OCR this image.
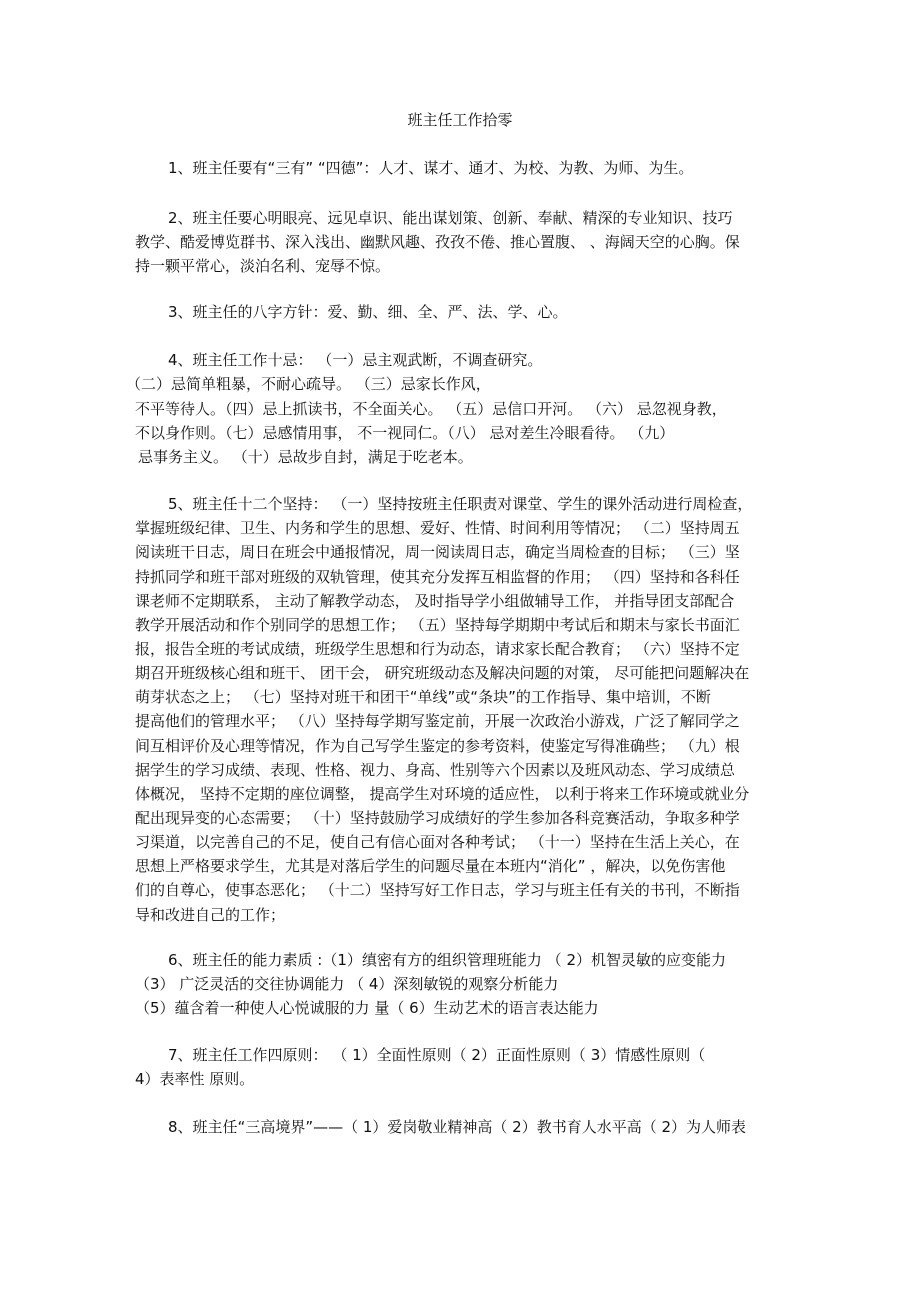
班主任工作拾零
1、班主任要有“三有” “四德”：人才、谋才、通才、为校、为教、为师、为生。
2、班主任要心明眼亮、远见卓识、能出谋划策、创新、奉献、精深的专业知识、技巧
教学、酷爱博览群书、深入浅出、幽默风趣、孜孜不倦、推心置腹、 、海阔天空的心胸。保
持一颗平常心，淡泊名利、宠辱不惊。
3、班主任的八字方针：爱、勤、细、全、严、法、学、心。
4、班主任工作十忌： （一）忌主观武断，不调查研究。
（二）忌简单粗暴，不耐心疏导。 （三）忌家长作风，
不平等待人。（四）忌上抓读书，不全面关心。 （五）忌信口开河。 （六） 忌忽视身教，
不以身作则。（七）忌感情用事， 不一视同仁。（八） 忌对差生冷眼看待。 （九）
忌事务主义。 （十）忌故步自封，满足于吃老本。
5、班主任十二个坚持： （一）坚持按班主任职责对课堂、学生的课外活动进行周检查，
掌握班级纪律、卫生、内务和学生的思想、爱好、性情、时间利用等情况； （二）坚持周五
阅读班干日志，周日在班会中通报情况，周一阅读周日志，确定当周检查的目标； （三）坚
持抓同学和班干部对班级的双轨管理，使其充分发挥互相监督的作用； （四）坚持和各科任
课老师不定期联系， 主动了解教学动态， 及时指导学小组做辅导工作， 并指导团支部配合
教学开展活动和作个别同学的思想工作； （五）坚持每学期期中考试后和期末与家长书面汇
报，报告全班的考试成绩，班级学生思想和行为动态，请求家长配合教育； （六）坚持不定
期召开班级核心组和班干、 团干会， 研究班级动态及解决问题的对策， 尽可能把问题解决在
萌芽状态之上； （七）坚持对班干和团干“单线”或“条块”的工作指导、集中培训，不断
提高他们的管理水平； （八）坚持每学期写鉴定前，开展一次政治小游戏，广泛了解同学之
间互相评价及心理等情况，作为自己写学生鉴定的参考资料，使鉴定写得准确些； （九）根
据学生的学习成绩、表现、性格、视力、身高、性别等六个因素以及班风动态、学习成绩总
体概况， 坚持不定期的座位调整， 提高学生对环境的适应性， 以利于将来工作环境或就业分
配出现异变的心态需要； （十）坚持鼓励学习成绩好的学生参加各科竞赛活动，争取多种学
习渠道，以完善自己的不足，使自己有信心面对各种考试； （十一）坚持在生活上关心，在
思想上严格要求学生，尤其是对落后学生的问题尽量在本班内“消化” ，解决，以免伤害他
们的自尊心，使事态恶化； （十二）坚持写好工作日志，学习与班主任有关的书刊，不断指
导和改进自己的工作；
6、班主任的能力素质 :（1）缜密有方的组织管理班能力 （ 2）机智灵敏的应变能力
（3） 广泛灵活的交往协调能力 （ 4）深刻敏锐的观察分析能力
（5）蕴含着一种使人心悦诚服的力 量（ 6）生动艺术的语言表达能力
7、班主任工作四原则： （ 1）全面性原则（ 2）正面性原则（ 3）情感性原则（
4）表率性 原则。
8、班主任“三高境界”——（ 1）爱岗敬业精神高（ 2）教书育人水平高（ 2）为人师表
